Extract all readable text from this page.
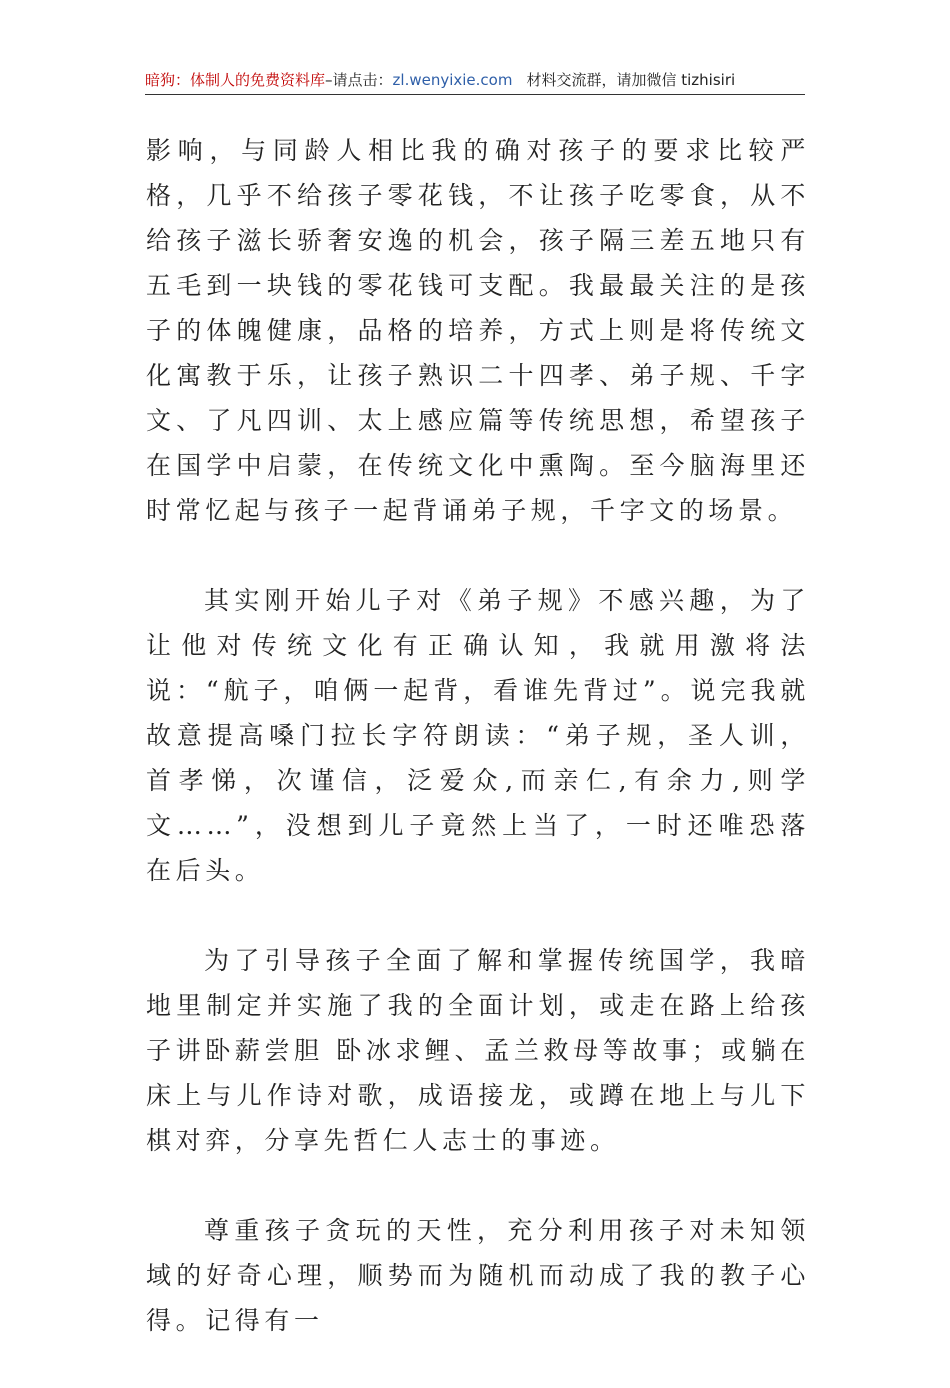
暗狗：体制人的免费资料库–请点击：zl.wenyixie.com 材料交流群，请加微信 tizhisiri

影响，与同龄人相比我的确对孩子的要求比较严格，几乎不给孩子零花钱，不让孩子吃零食，从不给孩子滋长骄奢安逸的机会，孩子隔三差五地只有五毛到一块钱的零花钱可支配。我最最关注的是孩子的体魄健康，品格的培养，方式上则是将传统文化寓教于乐，让孩子熟识二十四孝、弟子规、千字文、了凡四训、太上感应篇等传统思想，希望孩子在国学中启蒙，在传统文化中熏陶。至今脑海里还时常忆起与孩子一起背诵弟子规，千字文的场景。

其实刚开始儿子对《弟子规》不感兴趣，为了让他对传统文化有正确认知，我就用激将法说：“航子，咱俩一起背，看谁先背过”。说完我就故意提高嗓门拉长字符朗读：“弟子规，圣人训，首孝悌，次谨信，泛爱众,而亲仁,有余力,则学文……”，没想到儿子竟然上当了，一时还唯恐落在后头。

为了引导孩子全面了解和掌握传统国学，我暗地里制定并实施了我的全面计划，或走在路上给孩子讲卧薪尝胆 卧冰求鲤、孟兰救母等故事；或躺在床上与儿作诗对歌，成语接龙，或蹲在地上与儿下棋对弈，分享先哲仁人志士的事迹。

尊重孩子贪玩的天性，充分利用孩子对未知领域的好奇心理，顺势而为随机而动成了我的教子心得。记得有一
